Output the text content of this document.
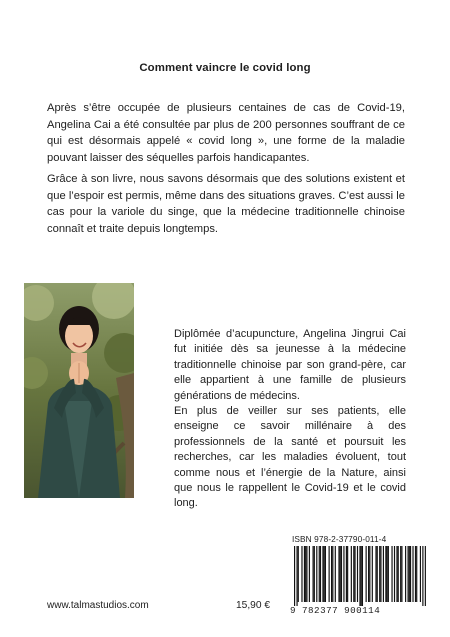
Comment vaincre le covid long

Après s’être occupée de plusieurs centaines de cas de Covid-19, Angelina Cai a été consultée par plus de 200 personnes souffrant de ce qui est désormais appelé « covid long », une forme de la maladie pouvant laisser des séquelles parfois handicapantes.

Grâce à son livre, nous savons désormais que des solutions existent et que l’espoir est permis, même dans des situations graves. C’est aussi le cas pour la variole du singe, que la médecine traditionnelle chinoise connaît et traite depuis longtemps.

Diplômée d’acupuncture, Angelina Jingrui Cai fut initiée dès sa jeunesse à la médecine traditionnelle chinoise par son grand-père, car elle appartient à une famille de plusieurs générations de médecins.

En plus de veiller sur ses patients, elle enseigne ce savoir millénaire à des professionnels de la santé et poursuit les recherches, car les maladies évoluent, tout comme nous et l’énergie de la Nature, ainsi que nous le rappellent le Covid-19 et le covid long.

ISBN 978-2-37790-011-4
9 782377 900114
www.talmastudios.com	15,90 €
